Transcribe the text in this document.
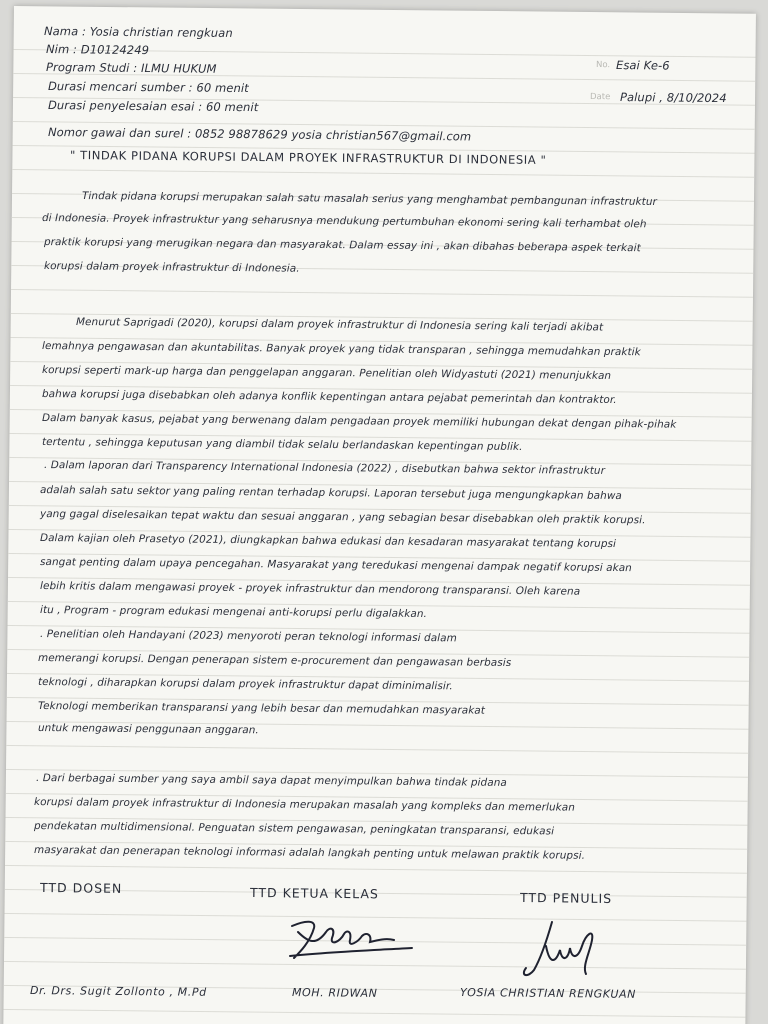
Nama : Yosia christian rengkuan
Nim : D10124249
Program Studi : ILMU HUKUM
Durasi mencari sumber : 60 menit
Durasi penyelesaian esai : 60 menit
Nomor gawai dan surel : 0852 98878629 yosia christian567@gmail.com
No. Esai Ke-6
Date Palupi , 8/10/2024
" TINDAK PIDANA KORUPSI DALAM PROYEK INFRASTRUKTUR DI INDONESIA "
Tindak pidana korupsi merupakan salah satu masalah serius yang menghambat pembangunan infrastruktur
di Indonesia. Proyek infrastruktur yang seharusnya mendukung pertumbuhan ekonomi sering kali terhambat oleh
praktik korupsi yang merugikan negara dan masyarakat. Dalam essay ini , akan dibahas beberapa aspek terkait
korupsi dalam proyek infrastruktur di Indonesia.
Menurut Saprigadi (2020), korupsi dalam proyek infrastruktur di Indonesia sering kali terjadi akibat
lemahnya pengawasan dan akuntabilitas. Banyak proyek yang tidak transparan , sehingga memudahkan praktik
korupsi seperti mark-up harga dan penggelapan anggaran. Penelitian oleh Widyastuti (2021) menunjukkan
bahwa korupsi juga disebabkan oleh adanya konflik kepentingan antara pejabat pemerintah dan kontraktor.
Dalam banyak kasus, pejabat yang berwenang dalam pengadaan proyek memiliki hubungan dekat dengan pihak-pihak
tertentu , sehingga keputusan yang diambil tidak selalu berlandaskan kepentingan publik.
. Dalam laporan dari Transparency International Indonesia (2022) , disebutkan bahwa sektor infrastruktur
adalah salah satu sektor yang paling rentan terhadap korupsi. Laporan tersebut juga mengungkapkan bahwa
yang gagal diselesaikan tepat waktu dan sesuai anggaran , yang sebagian besar disebabkan oleh praktik korupsi.
Dalam kajian oleh Prasetyo (2021), diungkapkan bahwa edukasi dan kesadaran masyarakat tentang korupsi
sangat penting dalam upaya pencegahan. Masyarakat yang teredukasi mengenai dampak negatif korupsi akan
lebih kritis dalam mengawasi proyek - proyek infrastruktur dan mendorong transparansi. Oleh karena
itu , Program - program edukasi mengenai anti-korupsi perlu digalakkan.
. Penelitian oleh Handayani (2023) menyoroti peran teknologi informasi dalam
memerangi korupsi. Dengan penerapan sistem e-procurement dan pengawasan berbasis
teknologi , diharapkan korupsi dalam proyek infrastruktur dapat diminimalisir.
Teknologi memberikan transparansi yang lebih besar dan memudahkan masyarakat
untuk mengawasi penggunaan anggaran.
. Dari berbagai sumber yang saya ambil saya dapat menyimpulkan bahwa tindak pidana
korupsi dalam proyek infrastruktur di Indonesia merupakan masalah yang kompleks dan memerlukan
pendekatan multidimensional. Penguatan sistem pengawasan, peningkatan transparansi, edukasi
masyarakat dan penerapan teknologi informasi adalah langkah penting untuk melawan praktik korupsi.
TTD DOSEN	TTD KETUA KELAS	TTD PENULIS
Dr. Drs. Sugit Zollonto , M.Pd	MOH. RIDWAN	YOSIA CHRISTIAN RENGKUAN
